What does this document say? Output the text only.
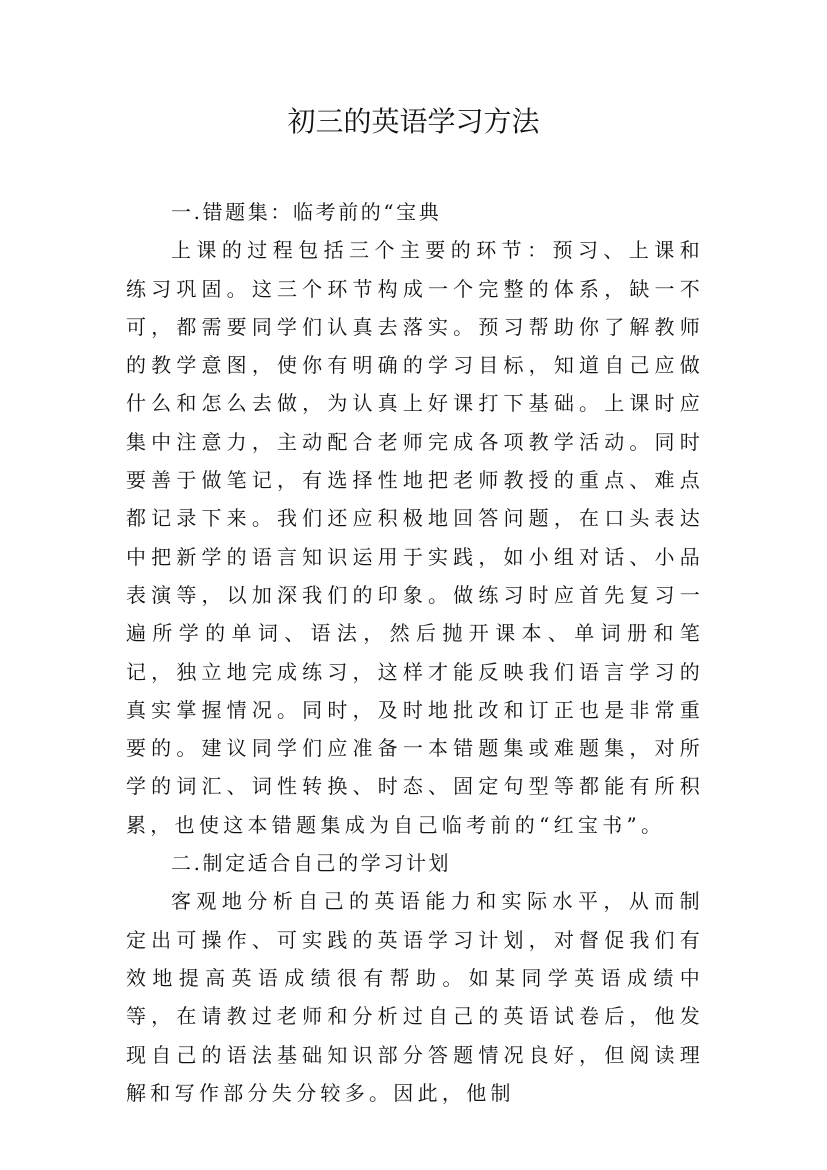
初三的英语学习方法

一.错题集：临考前的“宝典

上课的过程包括三个主要的环节：预习、上课和练习巩固。这三个环节构成一个完整的体系，缺一不可，都需要同学们认真去落实。预习帮助你了解教师的教学意图，使你有明确的学习目标，知道自己应做什么和怎么去做，为认真上好课打下基础。上课时应集中注意力，主动配合老师完成各项教学活动。同时要善于做笔记，有选择性地把老师教授的重点、难点都记录下来。我们还应积极地回答问题，在口头表达中把新学的语言知识运用于实践，如小组对话、小品表演等，以加深我们的印象。做练习时应首先复习一遍所学的单词、语法，然后抛开课本、单词册和笔记，独立地完成练习，这样才能反映我们语言学习的真实掌握情况。同时，及时地批改和订正也是非常重要的。建议同学们应准备一本错题集或难题集，对所学的词汇、词性转换、时态、固定句型等都能有所积累，也使这本错题集成为自己临考前的“红宝书”。

二.制定适合自己的学习计划

客观地分析自己的英语能力和实际水平，从而制定出可操作、可实践的英语学习计划，对督促我们有效地提高英语成绩很有帮助。如某同学英语成绩中等，在请教过老师和分析过自己的英语试卷后，他发现自己的语法基础知识部分答题情况良好，但阅读理解和写作部分失分较多。因此，他制
